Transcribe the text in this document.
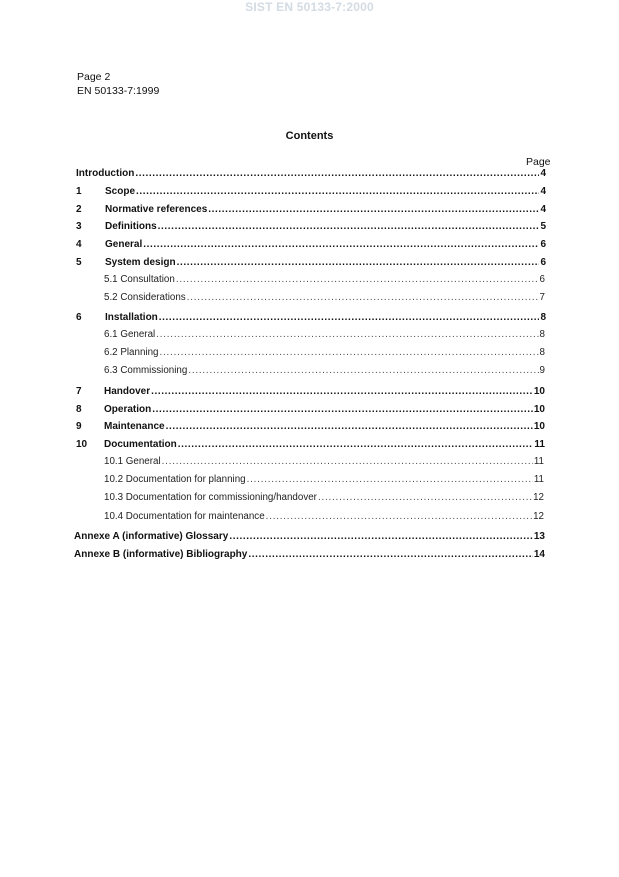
SIST EN 50133-7:2000
Page 2
EN 50133-7:1999
Contents
Page
Introduction .....	4
1	Scope .....	4
2	Normative references .....	4
3	Definitions .....	5
4	General .....	6
5	System design .....	6
5.1 Consultation .....	6
5.2 Considerations .....	7
6	Installation .....	8
6.1 General .....	8
6.2 Planning .....	8
6.3 Commissioning .....	9
7	Handover .....	10
8	Operation .....	10
9	Maintenance .....	10
10	Documentation .....	11
10.1 General .....	11
10.2 Documentation for planning .....	11
10.3 Documentation for commissioning/handover .....	12
10.4 Documentation for maintenance .....	12
Annexe A (informative) Glossary .....	13
Annexe B (informative) Bibliography .....	14
